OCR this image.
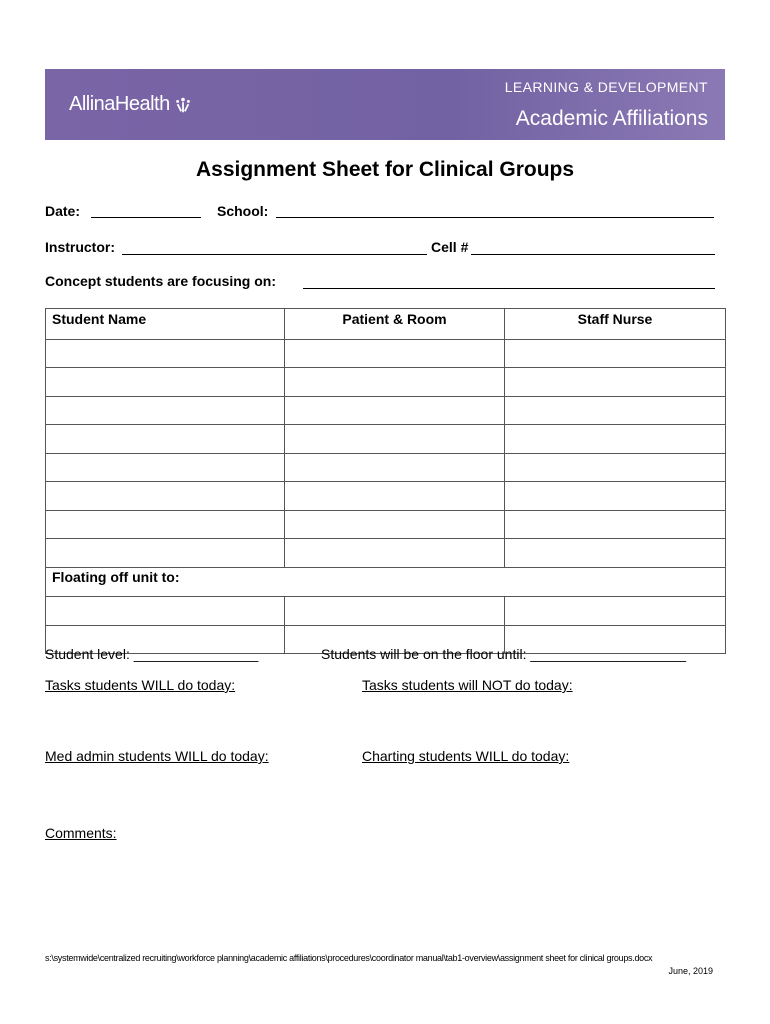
AllinaHealth
LEARNING & DEVELOPMENT
Academic Affiliations
Assignment Sheet for Clinical Groups
Date:	School:
Instructor:	Cell #
Concept students are focusing on:
Student Name	Patient & Room	Staff Nurse

Floating off unit to:		

Student level: ________________	Students will be on the floor until: ____________________
Tasks students WILL do today:	Tasks students will NOT do today:
Med admin students WILL do today:	Charting students WILL do today:
Comments:
s:\systemwide\centralized recruiting\workforce planning\academic affiliations\procedures\coordinator manual\tab1-overview\assignment sheet for clinical groups.docx
June, 2019
